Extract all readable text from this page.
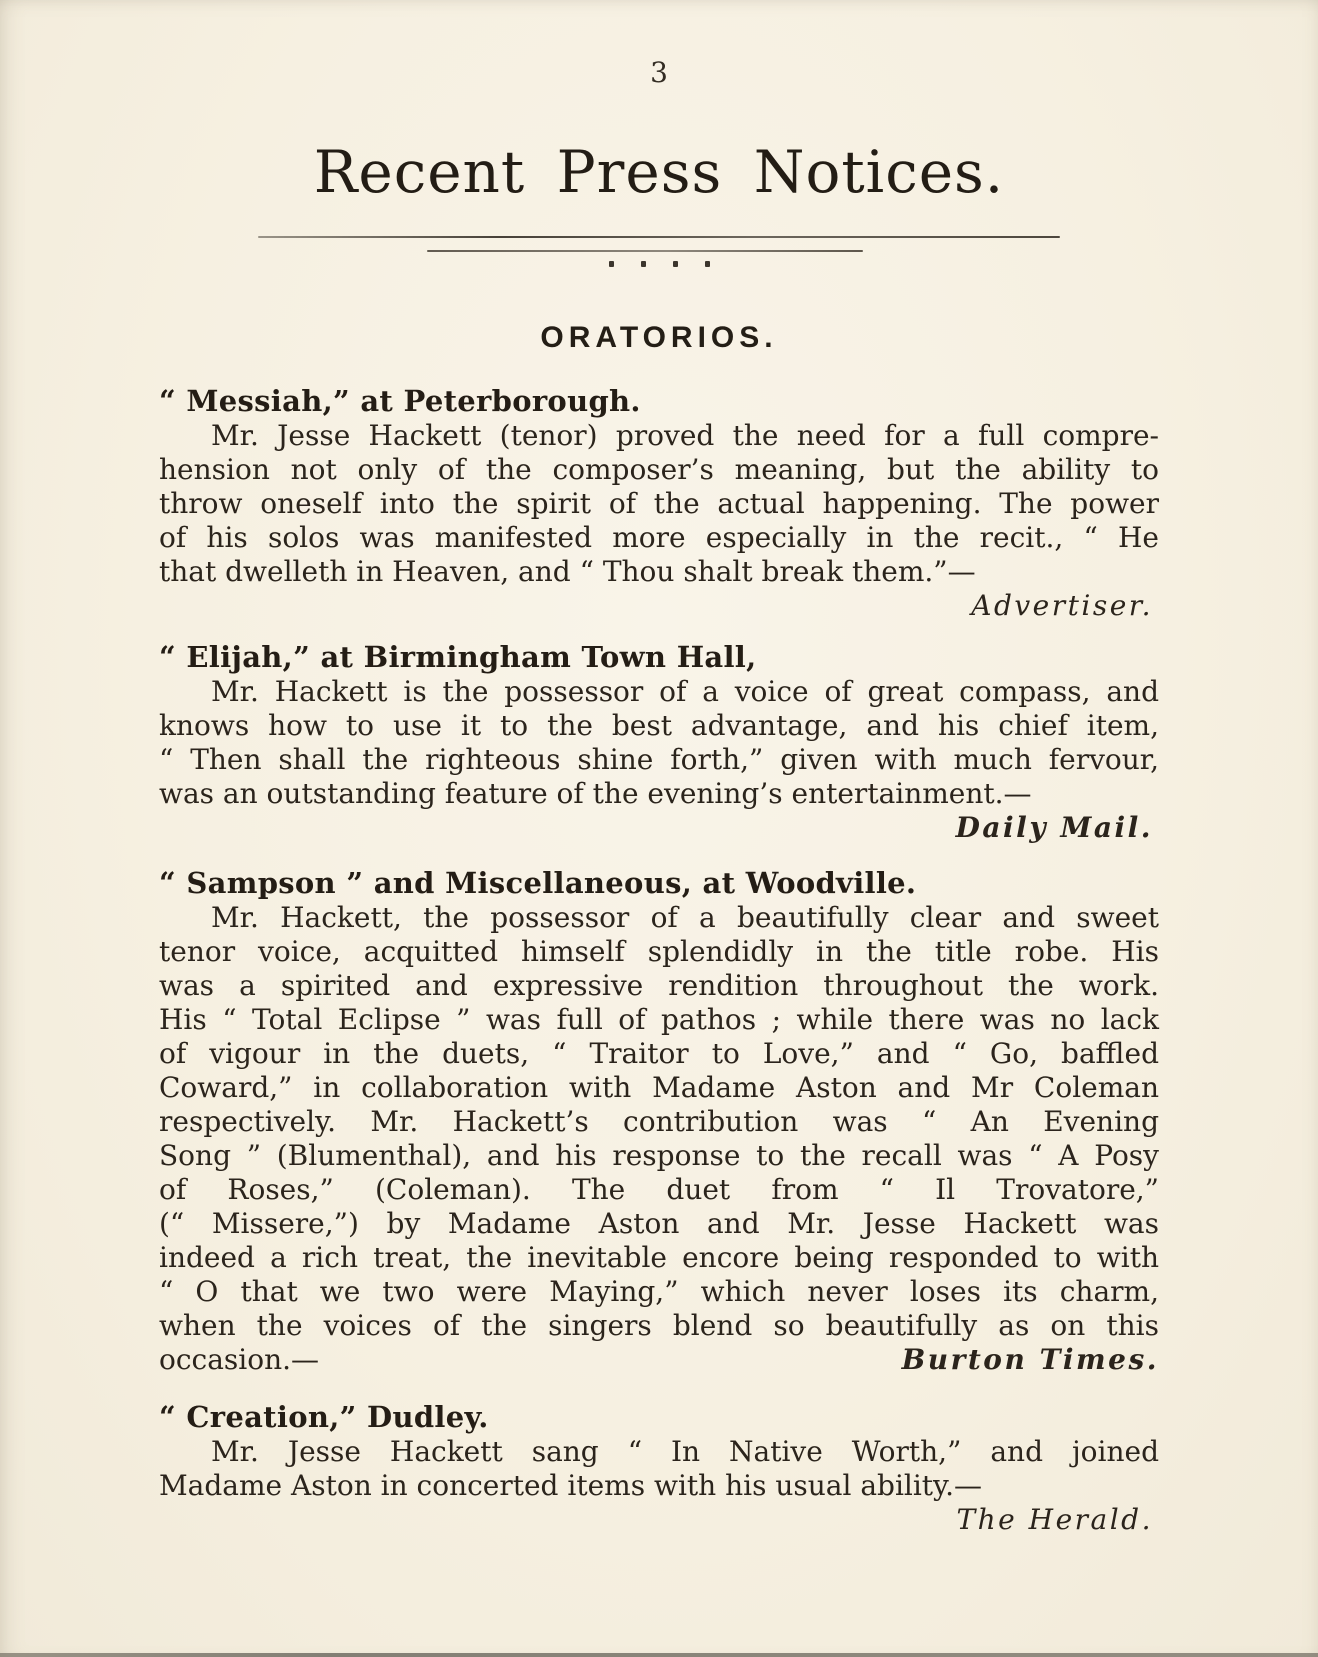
3
Recent Press Notices.
ORATORIOS.
“ Messiah,” at Peterborough.
Mr. Jesse Hackett (tenor) proved the need for a full compre-
hension not only of the composer’s meaning, but the ability to
throw oneself into the spirit of the actual happening. The power
of his solos was manifested more especially in the recit., “ He
that dwelleth in Heaven, and “ Thou shalt break them.”—
Advertiser.
“ Elijah,” at Birmingham Town Hall,
Mr. Hackett is the possessor of a voice of great compass, and
knows how to use it to the best advantage, and his chief item,
“ Then shall the righteous shine forth,” given with much fervour,
was an outstanding feature of the evening’s entertainment.—
Daily Mail.
“ Sampson ” and Miscellaneous, at Woodville.
Mr. Hackett, the possessor of a beautifully clear and sweet
tenor voice, acquitted himself splendidly in the title robe. His
was a spirited and expressive rendition throughout the work.
His “ Total Eclipse ” was full of pathos ; while there was no lack
of vigour in the duets, “ Traitor to Love,” and “ Go, baffled
Coward,” in collaboration with Madame Aston and Mr Coleman
respectively. Mr. Hackett’s contribution was “ An Evening
Song ” (Blumenthal), and his response to the recall was “ A Posy
of Roses,” (Coleman). The duet from “ Il Trovatore,”
(“ Missere,”) by Madame Aston and Mr. Jesse Hackett was
indeed a rich treat, the inevitable encore being responded to with
“ O that we two were Maying,” which never loses its charm,
when the voices of the singers blend so beautifully as on this
occasion.—	Burton Times.
“ Creation,” Dudley.
Mr. Jesse Hackett sang “ In Native Worth,” and joined
Madame Aston in concerted items with his usual ability.—
The Herald.
